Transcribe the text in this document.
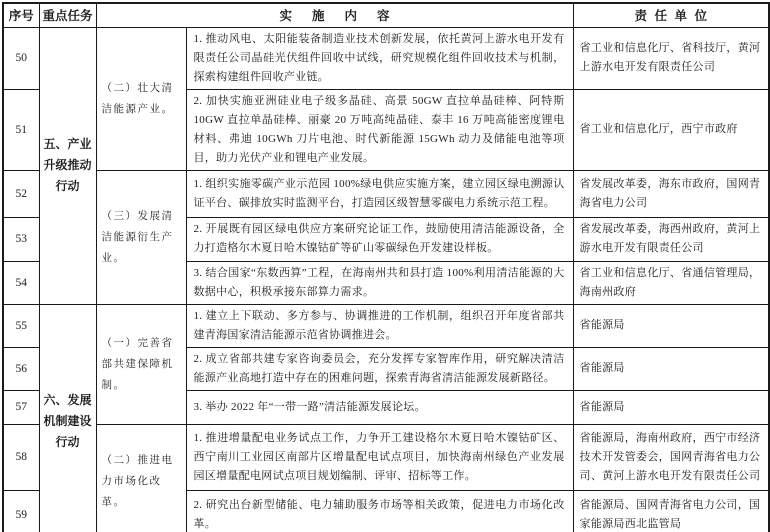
序号	重点任务	实施内容		责任单位
50	五、产业升级推动行动	（二）壮大清洁能源产业。	1. 推动风电、太阳能装备制造业技术创新发展，依托黄河上游水电开发有限责任公司晶硅光伏组件回收中试线，研究规模化组件回收技术与机制，探索构建组件回收产业链。	省工业和信息化厅、省科技厅，黄河上游水电开发有限责任公司
51			2. 加快实施亚洲硅业电子级多晶硅、高景 50GW 直拉单晶硅棒、阿特斯 10GW 直拉单晶硅棒、丽豪 20 万吨高纯晶硅、泰丰 16 万吨高能密度锂电材料、弗迪 10GWh 刀片电池、时代新能源 15GWh 动力及储能电池等项目，助力光伏产业和锂电产业发展。	省工业和信息化厅，西宁市政府
52		（三）发展清洁能源衍生产业。	1. 组织实施零碳产业示范园 100%绿电供应实施方案，建立园区绿电溯源认证平台、碳排放实时监测平台，打造园区级智慧零碳电力系统示范工程。	省发展改革委，海东市政府，国网青海省电力公司
53			2. 开展既有园区绿电供应方案研究论证工作，鼓励使用清洁能源设备，全力打造格尔木夏日哈木镍钴矿等矿山零碳绿色开发建设样板。	省发展改革委，海西州政府，黄河上游水电开发有限责任公司
54			3. 结合国家“东数西算”工程，在海南州共和县打造 100%利用清洁能源的大数据中心，积极承接东部算力需求。	省工业和信息化厅、省通信管理局，海南州政府
55	六、发展机制建设行动	（一）完善省部共建保障机制。	1. 建立上下联动、多方参与、协调推进的工作机制，组织召开年度省部共建青海国家清洁能源示范省协调推进会。	省能源局
56			2. 成立省部共建专家咨询委员会，充分发挥专家智库作用，研究解决清洁能源产业高地打造中存在的困难问题，探索青海省清洁能源发展新路径。	省能源局
57			3. 举办 2022 年“一带一路”清洁能源发展论坛。	省能源局
58		（二）推进电力市场化改革。	1. 推进增量配电业务试点工作，力争开工建设格尔木夏日哈木镍钴矿区、西宁南川工业园区南部片区增量配电试点项目，加快海南州绿色产业发展园区增量配电网试点项目规划编制、评审、招标等工作。	省能源局，海南州政府，西宁市经济技术开发管委会，国网青海省电力公司、黄河上游水电开发有限责任公司
59			2. 研究出台新型储能、电力辅助服务市场等相关政策，促进电力市场化改革。	省能源局、国网青海省电力公司，国家能源局西北监管局
